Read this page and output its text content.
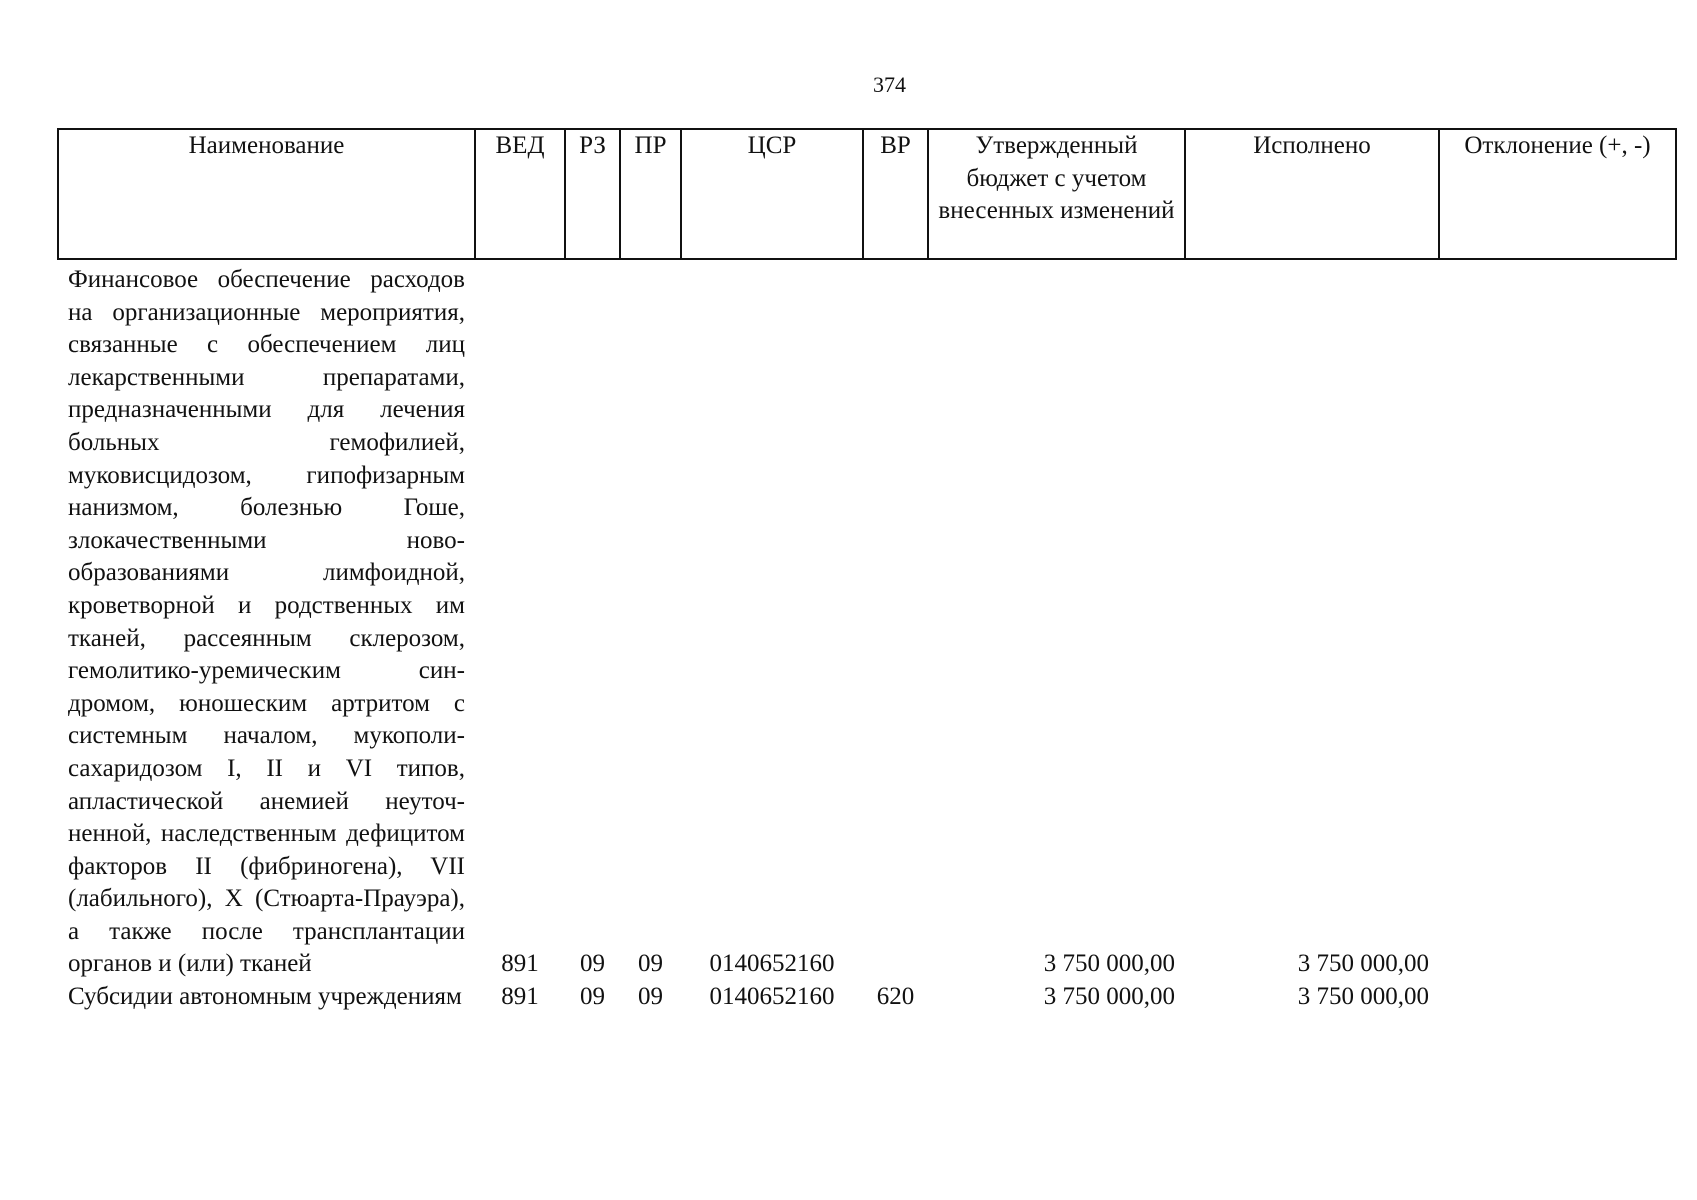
374
Наименование	ВЕД	РЗ	ПР	ЦСР	ВР	Утвержденный бюджет с учетом внесенных изменений	Исполнено	Отклонение (+, -)
Финансовое обеспечение расходов на организационные мероприятия, связанные с обеспечением лиц лекарственными препаратами, предназначенными для лечения больных гемофилией, муковисцидозом, гипофизарным нанизмом, болезнью Гоше, злокачественными новообразованиями лимфоидной, кроветворной и родственных им тканей, рассеянным склерозом, гемолитико-уремическим синдромом, юношеским артритом с системным началом, мукополисахаридозом I, II и VI типов, апластической анемией неуточненной, наследственным дефицитом факторов II (фибриногена), VII (лабильного), X (Стюарта-Прауэра), а также после трансплантации органов и (или) тканей	891	09	09	0140652160		3 750 000,00	3 750 000,00	
Субсидии автономным учреждениям	891	09	09	0140652160	620	3 750 000,00	3 750 000,00	
